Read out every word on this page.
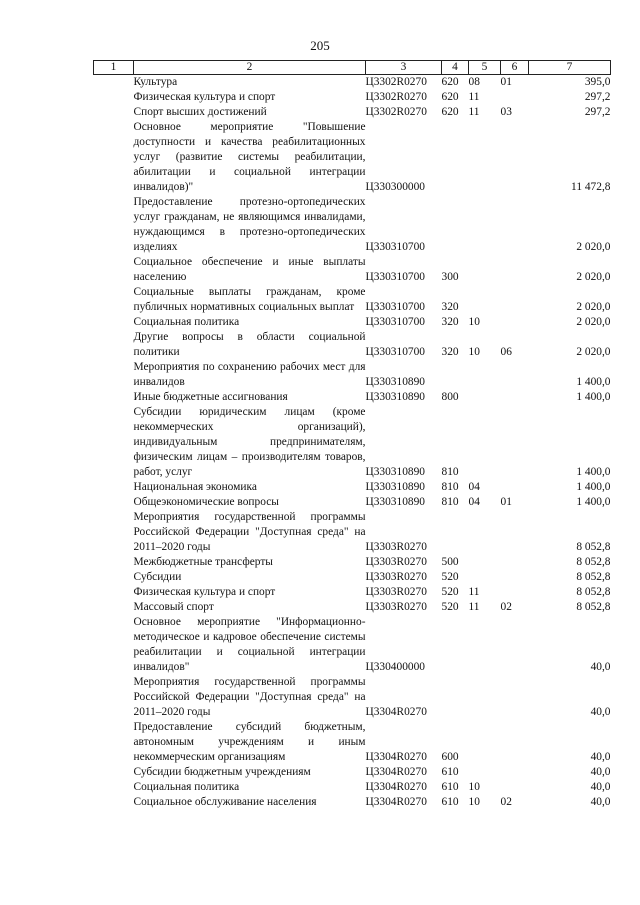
205
1	2	3	4	5	6	7
	Культура	Ц3302R0270	620	08	01	395,0
	Физическая культура и спорт	Ц3302R0270	620	11		297,2
	Спорт высших достижений	Ц3302R0270	620	11	03	297,2
	Основное мероприятие "Повышение доступности и качества реабилитационных услуг (развитие системы реабилитации, абилитации и социальной интеграции инвалидов)"	Ц330300000				11 472,8
	Предоставление протезно-ортопедических услуг гражданам, не являющимся инвалидами, нуждающимся в протезно-ортопедических изделиях	Ц330310700				2 020,0
	Социальное обеспечение и иные выплаты населению	Ц330310700	300			2 020,0
	Социальные выплаты гражданам, кроме публичных нормативных социальных выплат	Ц330310700	320			2 020,0
	Социальная политика	Ц330310700	320	10		2 020,0
	Другие вопросы в области социальной политики	Ц330310700	320	10	06	2 020,0
	Мероприятия по сохранению рабочих мест для инвалидов	Ц330310890				1 400,0
	Иные бюджетные ассигнования	Ц330310890	800			1 400,0
	Субсидии юридическим лицам (кроме некоммерческих организаций), индивидуальным предпринимателям, физическим лицам – производителям товаров, работ, услуг	Ц330310890	810			1 400,0
	Национальная экономика	Ц330310890	810	04		1 400,0
	Общеэкономические вопросы	Ц330310890	810	04	01	1 400,0
	Мероприятия государственной программы Российской Федерации "Доступная среда" на 2011–2020 годы	Ц3303R0270				8 052,8
	Межбюджетные трансферты	Ц3303R0270	500			8 052,8
	Субсидии	Ц3303R0270	520			8 052,8
	Физическая культура и спорт	Ц3303R0270	520	11		8 052,8
	Массовый спорт	Ц3303R0270	520	11	02	8 052,8
	Основное мероприятие "Информационно-методическое и кадровое обеспечение системы реабилитации и социальной интеграции инвалидов"	Ц330400000				40,0
	Мероприятия государственной программы Российской Федерации "Доступная среда" на 2011–2020 годы	Ц3304R0270				40,0
	Предоставление субсидий бюджетным, автономным учреждениям и иным некоммерческим организациям	Ц3304R0270	600			40,0
	Субсидии бюджетным учреждениям	Ц3304R0270	610			40,0
	Социальная политика	Ц3304R0270	610	10		40,0
	Социальное обслуживание населения	Ц3304R0270	610	10	02	40,0
